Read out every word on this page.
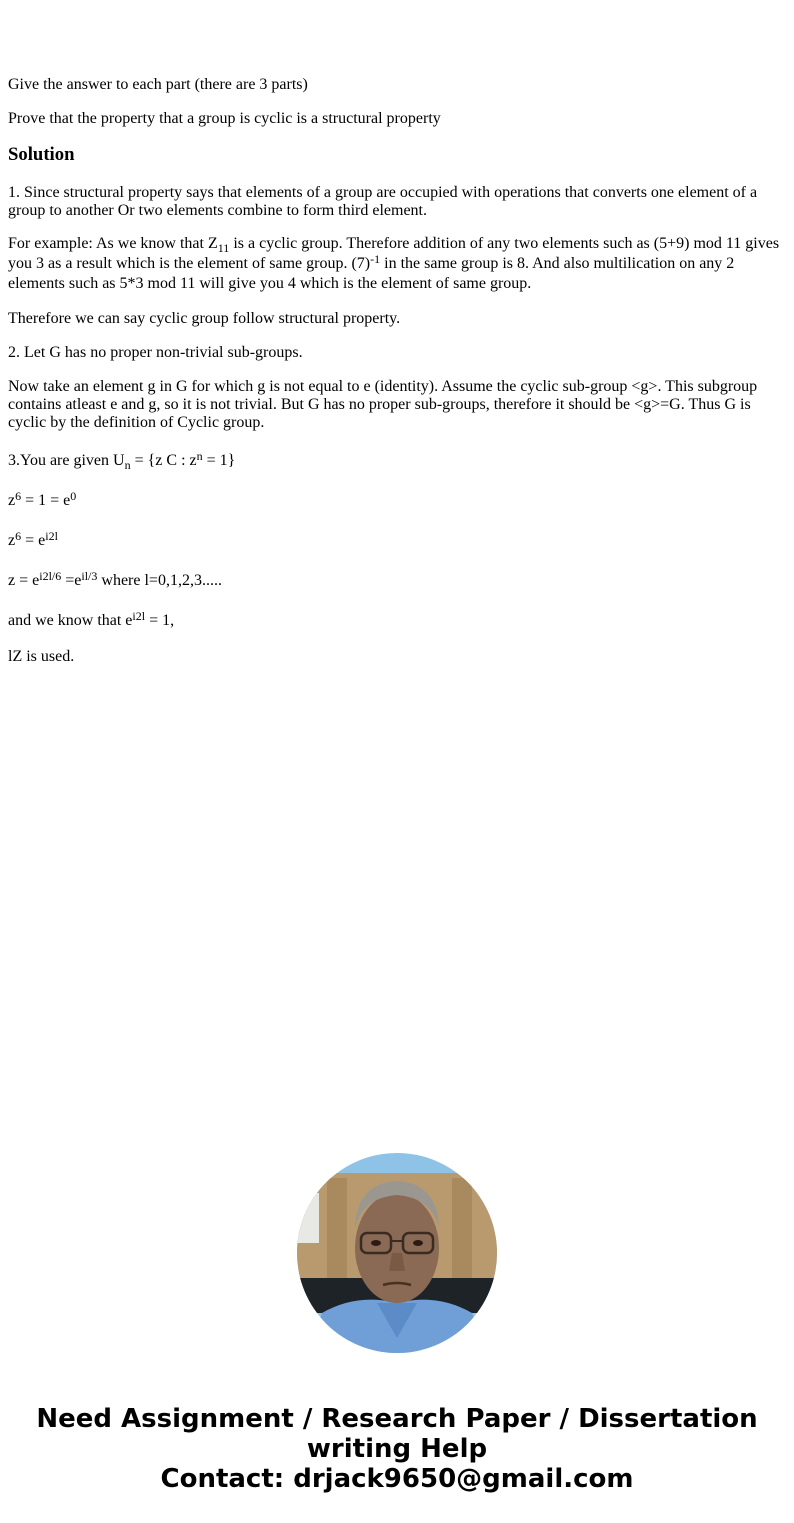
Give the answer to each part (there are 3 parts)

Prove that the property that a group is cyclic is a structural property

Solution

1. Since structural property says that elements of a group are occupied with operations that converts one element of a group to another Or two elements combine to form third element.

For example: As we know that $Z_{11}$ is a cyclic group. Therefore addition of any two elements such as (5+9) mod 11 gives you 3 as a result which is the element of same group. $(7)^{-1}$ in the same group is 8. And also multilication on any 2 elements such as 5*3 mod 11 will give you 4 which is the element of same group.

Therefore we can say cyclic group follow structural property.

2. Let G has no proper non-trivial sub-groups.

Now take an element g in G for which g is not equal to e (identity). Assume the cyclic sub-group <g>. This subgroup contains atleast e and g, so it is not trivial. But G has no proper sub-groups, therefore it should be <g>=G. Thus G is cyclic by the definition of Cyclic group.

3.You are given $U_n = \{z$ C : $z^n = 1$}

$z^6 = 1 = e^0$

$z^6 = e^{i2l}$

$z = e^{i2l/6} =e^{il/3}$ where l=0,1,2,3.....

and we know that $e^{i2l} = 1$,

lZ is used.

Need Assignment / Research Paper / Dissertation
writing Help
Contact: drjack9650@gmail.com
